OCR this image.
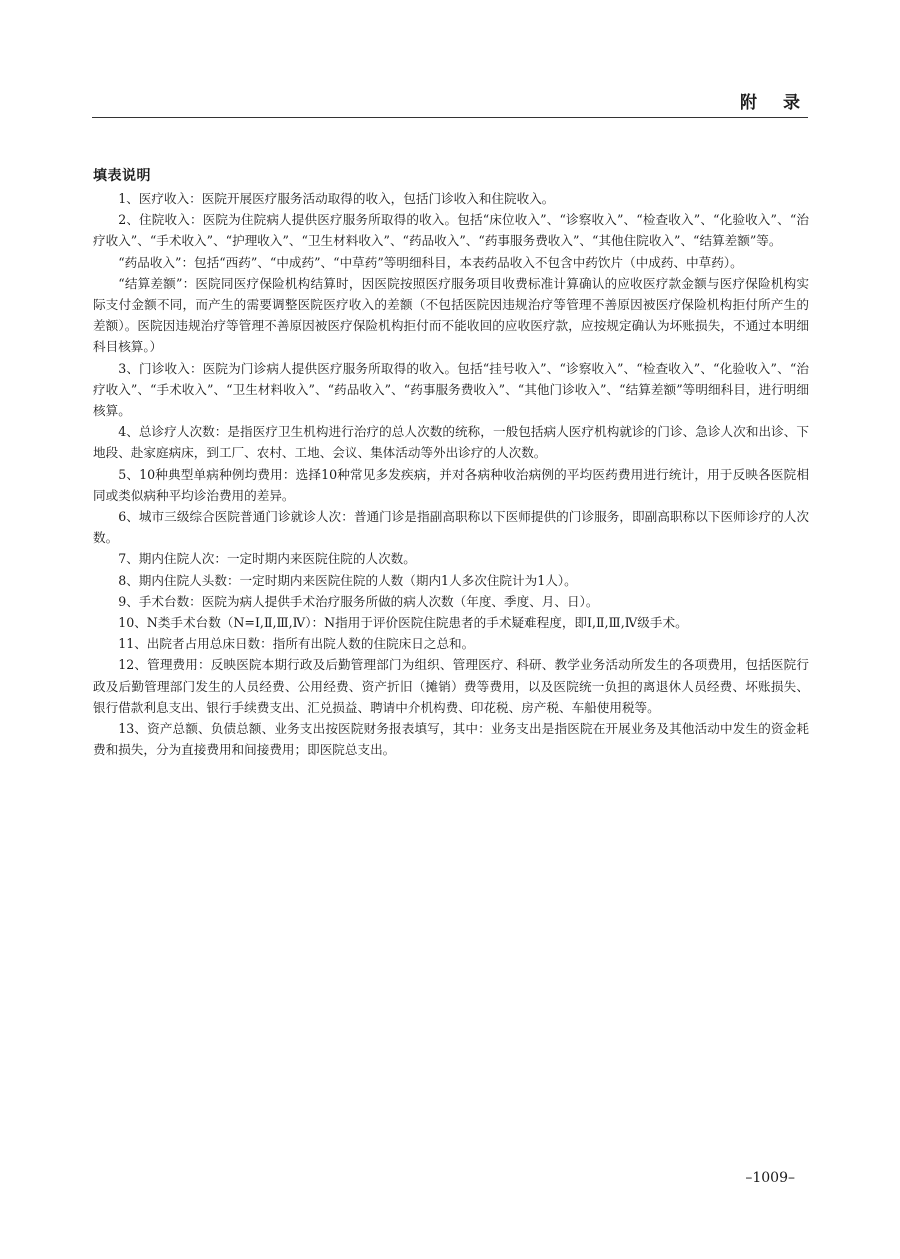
附录
填表说明

1、医疗收入：医院开展医疗服务活动取得的收入，包括门诊收入和住院收入。

2、住院收入：医院为住院病人提供医疗服务所取得的收入。包括“床位收入”、“诊察收入”、“检查收入”、“化验收入”、“治疗收入”、“手术收入”、“护理收入”、“卫生材料收入”、“药品收入”、“药事服务费收入”、“其他住院收入”、“结算差额”等。

“药品收入”：包括“西药”、“中成药”、“中草药”等明细科目，本表药品收入不包含中药饮片（中成药、中草药）。

“结算差额”：医院同医疗保险机构结算时，因医院按照医疗服务项目收费标准计算确认的应收医疗款金额与医疗保险机构实际支付金额不同，而产生的需要调整医院医疗收入的差额（不包括医院因违规治疗等管理不善原因被医疗保险机构拒付所产生的差额）。医院因违规治疗等管理不善原因被医疗保险机构拒付而不能收回的应收医疗款，应按规定确认为坏账损失，不通过本明细科目核算。）

3、门诊收入：医院为门诊病人提供医疗服务所取得的收入。包括“挂号收入”、“诊察收入”、“检查收入”、“化验收入”、“治疗收入”、“手术收入”、“卫生材料收入”、“药品收入”、“药事服务费收入”、“其他门诊收入”、“结算差额”等明细科目，进行明细核算。

4、总诊疗人次数：是指医疗卫生机构进行治疗的总人次数的统称，一般包括病人医疗机构就诊的门诊、急诊人次和出诊、下地段、赴家庭病床，到工厂、农村、工地、会议、集体活动等外出诊疗的人次数。

5、10种典型单病种例均费用：选择10种常见多发疾病，并对各病种收治病例的平均医药费用进行统计，用于反映各医院相同或类似病种平均诊治费用的差异。

6、城市三级综合医院普通门诊就诊人次：普通门诊是指副高职称以下医师提供的门诊服务，即副高职称以下医师诊疗的人次数。

7、期内住院人次：一定时期内来医院住院的人次数。

8、期内住院人头数：一定时期内来医院住院的人数（期内1人多次住院计为1人）。

9、手术台数：医院为病人提供手术治疗服务所做的病人次数（年度、季度、月、日）。

10、N类手术台数（N=Ⅰ,Ⅱ,Ⅲ,Ⅳ）：N指用于评价医院住院患者的手术疑难程度，即Ⅰ,Ⅱ,Ⅲ,Ⅳ级手术。

11、出院者占用总床日数：指所有出院人数的住院床日之总和。

12、管理费用：反映医院本期行政及后勤管理部门为组织、管理医疗、科研、教学业务活动所发生的各项费用，包括医院行政及后勤管理部门发生的人员经费、公用经费、资产折旧（摊销）费等费用，以及医院统一负担的离退休人员经费、坏账损失、银行借款利息支出、银行手续费支出、汇兑损益、聘请中介机构费、印花税、房产税、车船使用税等。

13、资产总额、负债总额、业务支出按医院财务报表填写，其中：业务支出是指医院在开展业务及其他活动中发生的资金耗费和损失，分为直接费用和间接费用；即医院总支出。

–1009–
